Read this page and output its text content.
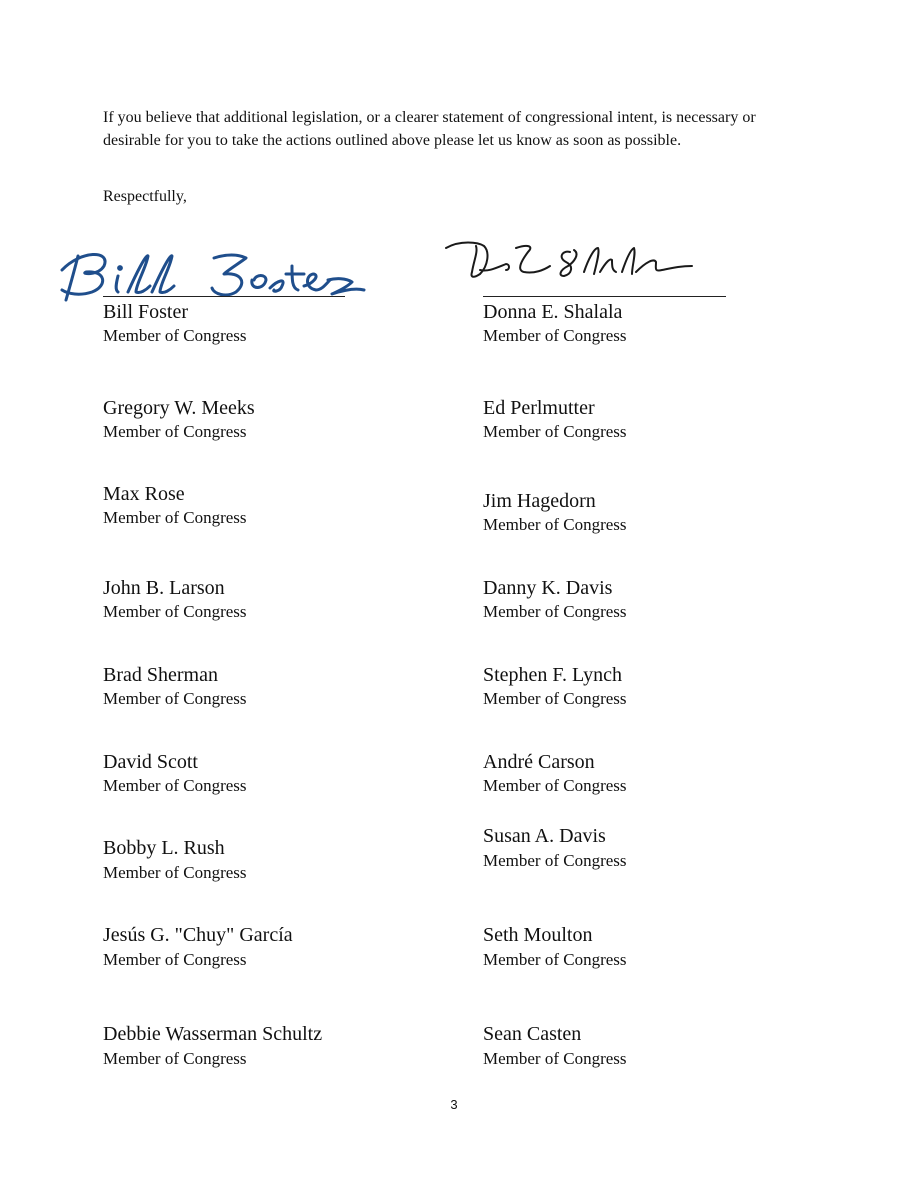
If you believe that additional legislation, or a clearer statement of congressional intent, is necessary or desirable for you to take the actions outlined above please let us know as soon as possible.
Respectfully,
Bill Foster
Member of Congress
Donna E. Shalala
Member of Congress
Gregory W. Meeks
Member of Congress
Max Rose
Member of Congress
John B. Larson
Member of Congress
Brad Sherman
Member of Congress
David Scott
Member of Congress
Bobby L. Rush
Member of Congress
Jesús G. "Chuy" García
Member of Congress
Debbie Wasserman Schultz
Member of Congress
Ed Perlmutter
Member of Congress
Jim Hagedorn
Member of Congress
Danny K. Davis
Member of Congress
Stephen F. Lynch
Member of Congress
André Carson
Member of Congress
Susan A. Davis
Member of Congress
Seth Moulton
Member of Congress
Sean Casten
Member of Congress
3
